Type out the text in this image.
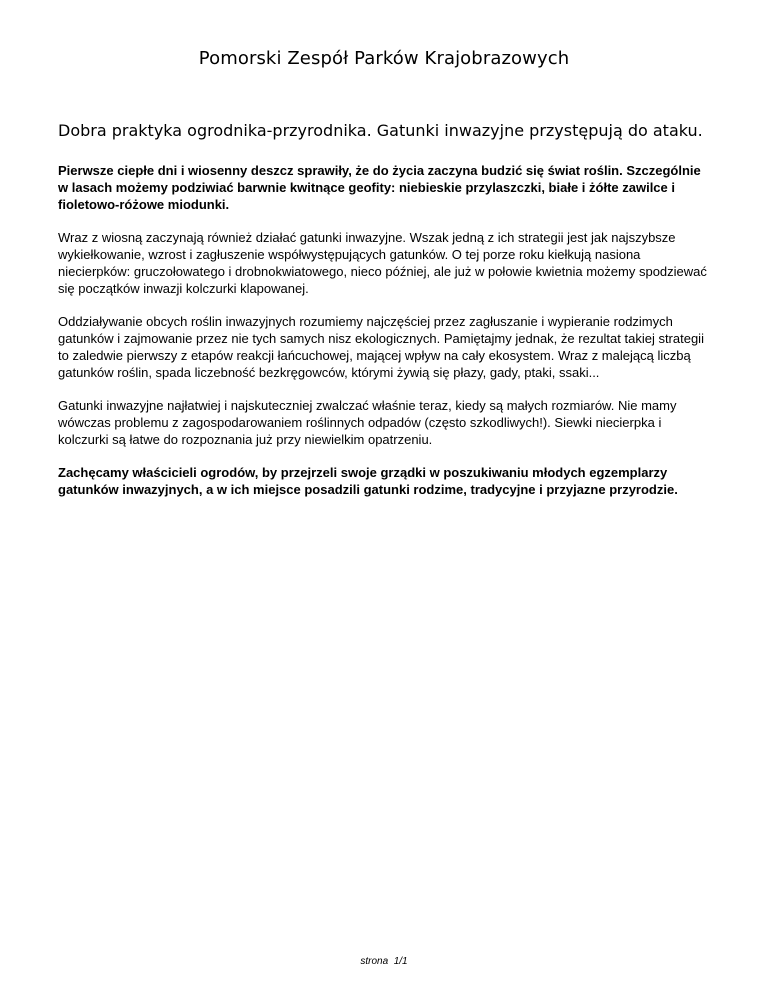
Pomorski Zespół Parków Krajobrazowych
Dobra praktyka ogrodnika-przyrodnika. Gatunki inwazyjne przystępują do ataku.

Pierwsze ciepłe dni i wiosenny deszcz sprawiły, że do życia zaczyna budzić się świat roślin. Szczególnie w lasach możemy podziwiać barwnie kwitnące geofity: niebieskie przylaszczki, białe i żółte zawilce i fioletowo-różowe miodunki.

Wraz z wiosną zaczynają również działać gatunki inwazyjne. Wszak jedną z ich strategii jest jak najszybsze wykiełkowanie, wzrost i zagłuszenie współwystępujących gatunków. O tej porze roku kiełkują nasiona niecierpków: gruczołowatego i drobnokwiatowego, nieco później, ale już w połowie kwietnia możemy spodziewać się początków inwazji kolczurki klapowanej.

Oddziaływanie obcych roślin inwazyjnych rozumiemy najczęściej przez zagłuszanie i wypieranie rodzimych gatunków i zajmowanie przez nie tych samych nisz ekologicznych. Pamiętajmy jednak, że rezultat takiej strategii to zaledwie pierwszy z etapów reakcji łańcuchowej, mającej wpływ na cały ekosystem. Wraz z malejącą liczbą gatunków roślin, spada liczebność bezkręgowców, którymi żywią się płazy, gady, ptaki, ssaki...

Gatunki inwazyjne najłatwiej i najskuteczniej zwalczać właśnie teraz, kiedy są małych rozmiarów. Nie mamy wówczas problemu z zagospodarowaniem roślinnych odpadów (często szkodliwych!). Siewki niecierpka i kolczurki są łatwe do rozpoznania już przy niewielkim opatrzeniu.

Zachęcamy właścicieli ogrodów, by przejrzeli swoje grządki w poszukiwaniu młodych egzemplarzy gatunków inwazyjnych, a w ich miejsce posadzili gatunki rodzime, tradycyjne i przyjazne przyrodzie.

strona  1/1
